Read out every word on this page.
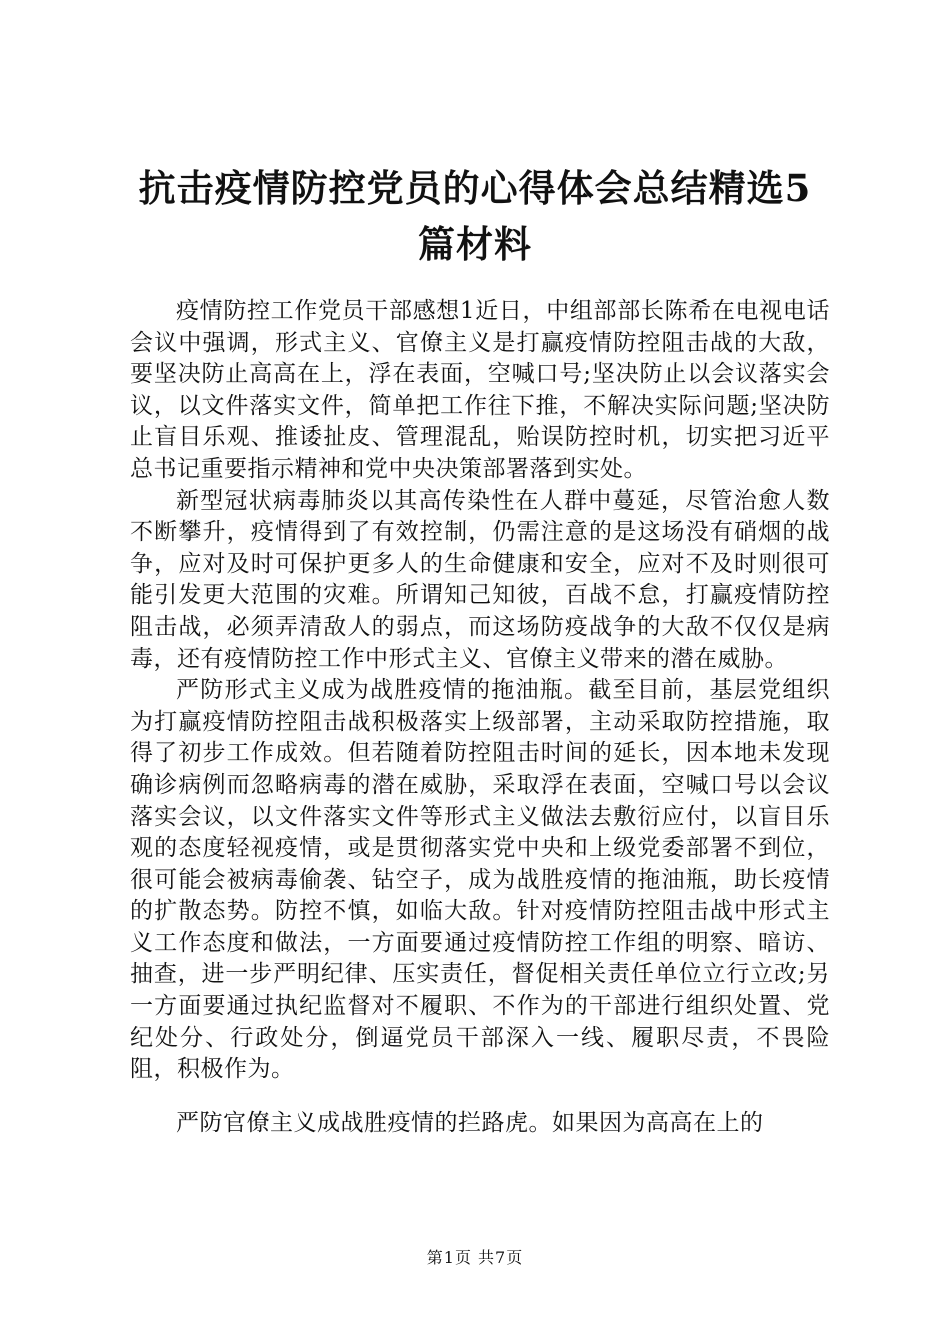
抗击疫情防控党员的心得体会总结精选5篇材料

疫情防控工作党员干部感想1近日，中组部部长陈希在电视电话会议中强调，形式主义、官僚主义是打赢疫情防控阻击战的大敌，要坚决防止高高在上，浮在表面，空喊口号;坚决防止以会议落实会议，以文件落实文件，简单把工作往下推，不解决实际问题;坚决防止盲目乐观、推诿扯皮、管理混乱，贻误防控时机，切实把习近平总书记重要指示精神和党中央决策部署落到实处。

新型冠状病毒肺炎以其高传染性在人群中蔓延，尽管治愈人数不断攀升，疫情得到了有效控制，仍需注意的是这场没有硝烟的战争，应对及时可保护更多人的生命健康和安全，应对不及时则很可能引发更大范围的灾难。所谓知己知彼，百战不怠，打赢疫情防控阻击战，必须弄清敌人的弱点，而这场防疫战争的大敌不仅仅是病毒，还有疫情防控工作中形式主义、官僚主义带来的潜在威胁。

严防形式主义成为战胜疫情的拖油瓶。截至目前，基层党组织为打赢疫情防控阻击战积极落实上级部署，主动采取防控措施，取得了初步工作成效。但若随着防控阻击时间的延长，因本地未发现确诊病例而忽略病毒的潜在威胁，采取浮在表面，空喊口号以会议落实会议，以文件落实文件等形式主义做法去敷衍应付，以盲目乐观的态度轻视疫情，或是贯彻落实党中央和上级党委部署不到位，很可能会被病毒偷袭、钻空子，成为战胜疫情的拖油瓶，助长疫情的扩散态势。防控不慎，如临大敌。针对疫情防控阻击战中形式主义工作态度和做法，一方面要通过疫情防控工作组的明察、暗访、抽查，进一步严明纪律、压实责任，督促相关责任单位立行立改;另一方面要通过执纪监督对不履职、不作为的干部进行组织处置、党纪处分、行政处分，倒逼党员干部深入一线、履职尽责，不畏险阻，积极作为。

严防官僚主义成战胜疫情的拦路虎。如果因为高高在上的

第1页 共7页
